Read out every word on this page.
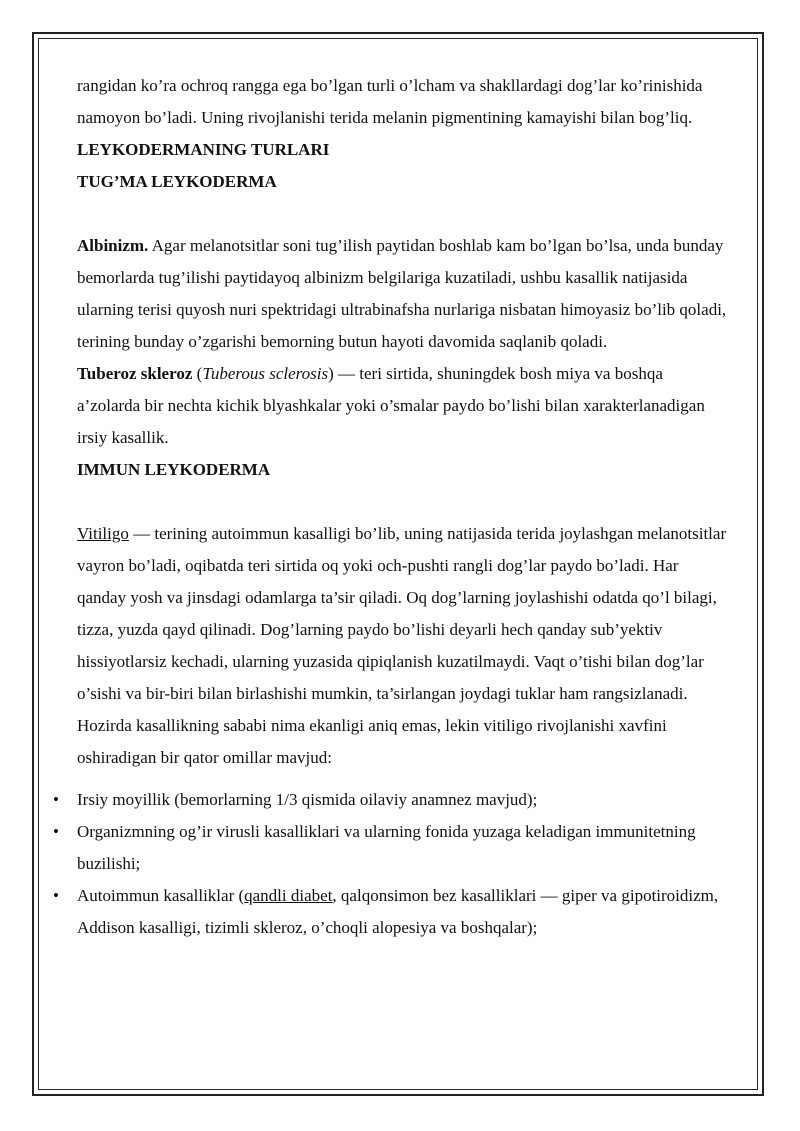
rangidan ko’ra ochroq rangga ega bo’lgan turli o’lcham va shakllardagi dog’lar ko’rinishida namoyon bo’ladi. Uning rivojlanishi terida melanin pigmentining kamayishi bilan bog’liq.

LEYKODERMANING TURLARI

TUG’MA LEYKODERMA

Albinizm. Agar melanotsitlar soni tug’ilish paytidan boshlab kam bo’lgan bo’lsa, unda bunday bemorlarda tug’ilishi paytidayoq albinizm belgilariga kuzatiladi, ushbu kasallik natijasida ularning terisi quyosh nuri spektridagi ultrabinafsha nurlariga nisbatan himoyasiz bo’lib qoladi, terining bunday o’zgarishi bemorning butun hayoti davomida saqlanib qoladi.

Tuberoz skleroz (Tuberous sclerosis) — teri sirtida, shuningdek bosh miya va boshqa a’zolarda bir nechta kichik blyashkalar yoki o’smalar paydo bo’lishi bilan xarakterlanadigan irsiy kasallik.

IMMUN LEYKODERMA

Vitiligo — terining autoimmun kasalligi bo’lib, uning natijasida terida joylashgan melanotsitlar vayron bo’ladi, oqibatda teri sirtida oq yoki och-pushti rangli dog’lar paydo bo’ladi. Har qanday yosh va jinsdagi odamlarga ta’sir qiladi. Oq dog’larning joylashishi odatda qo’l bilagi, tizza, yuzda qayd qilinadi. Dog’larning paydo bo’lishi deyarli hech qanday sub’yektiv hissiyotlarsiz kechadi, ularning yuzasida qipiqlanish kuzatilmaydi. Vaqt o’tishi bilan dog’lar o’sishi va bir-biri bilan birlashishi mumkin, ta’sirlangan joydagi tuklar ham rangsizlanadi. Hozirda kasallikning sababi nima ekanligi aniq emas, lekin vitiligo rivojlanishi xavfini oshiradigan bir qator omillar mavjud:

• Irsiy moyillik (bemorlarning 1/3 qismida oilaviy anamnez mavjud);
• Organizmning og’ir virusli kasalliklari va ularning fonida yuzaga keladigan immunitetning buzilishi;
• Autoimmun kasalliklar (qandli diabet, qalqonsimon bez kasalliklari — giper va gipotiroidizm, Addison kasalligi, tizimli skleroz, o’choqli alopesiya va boshqalar);
